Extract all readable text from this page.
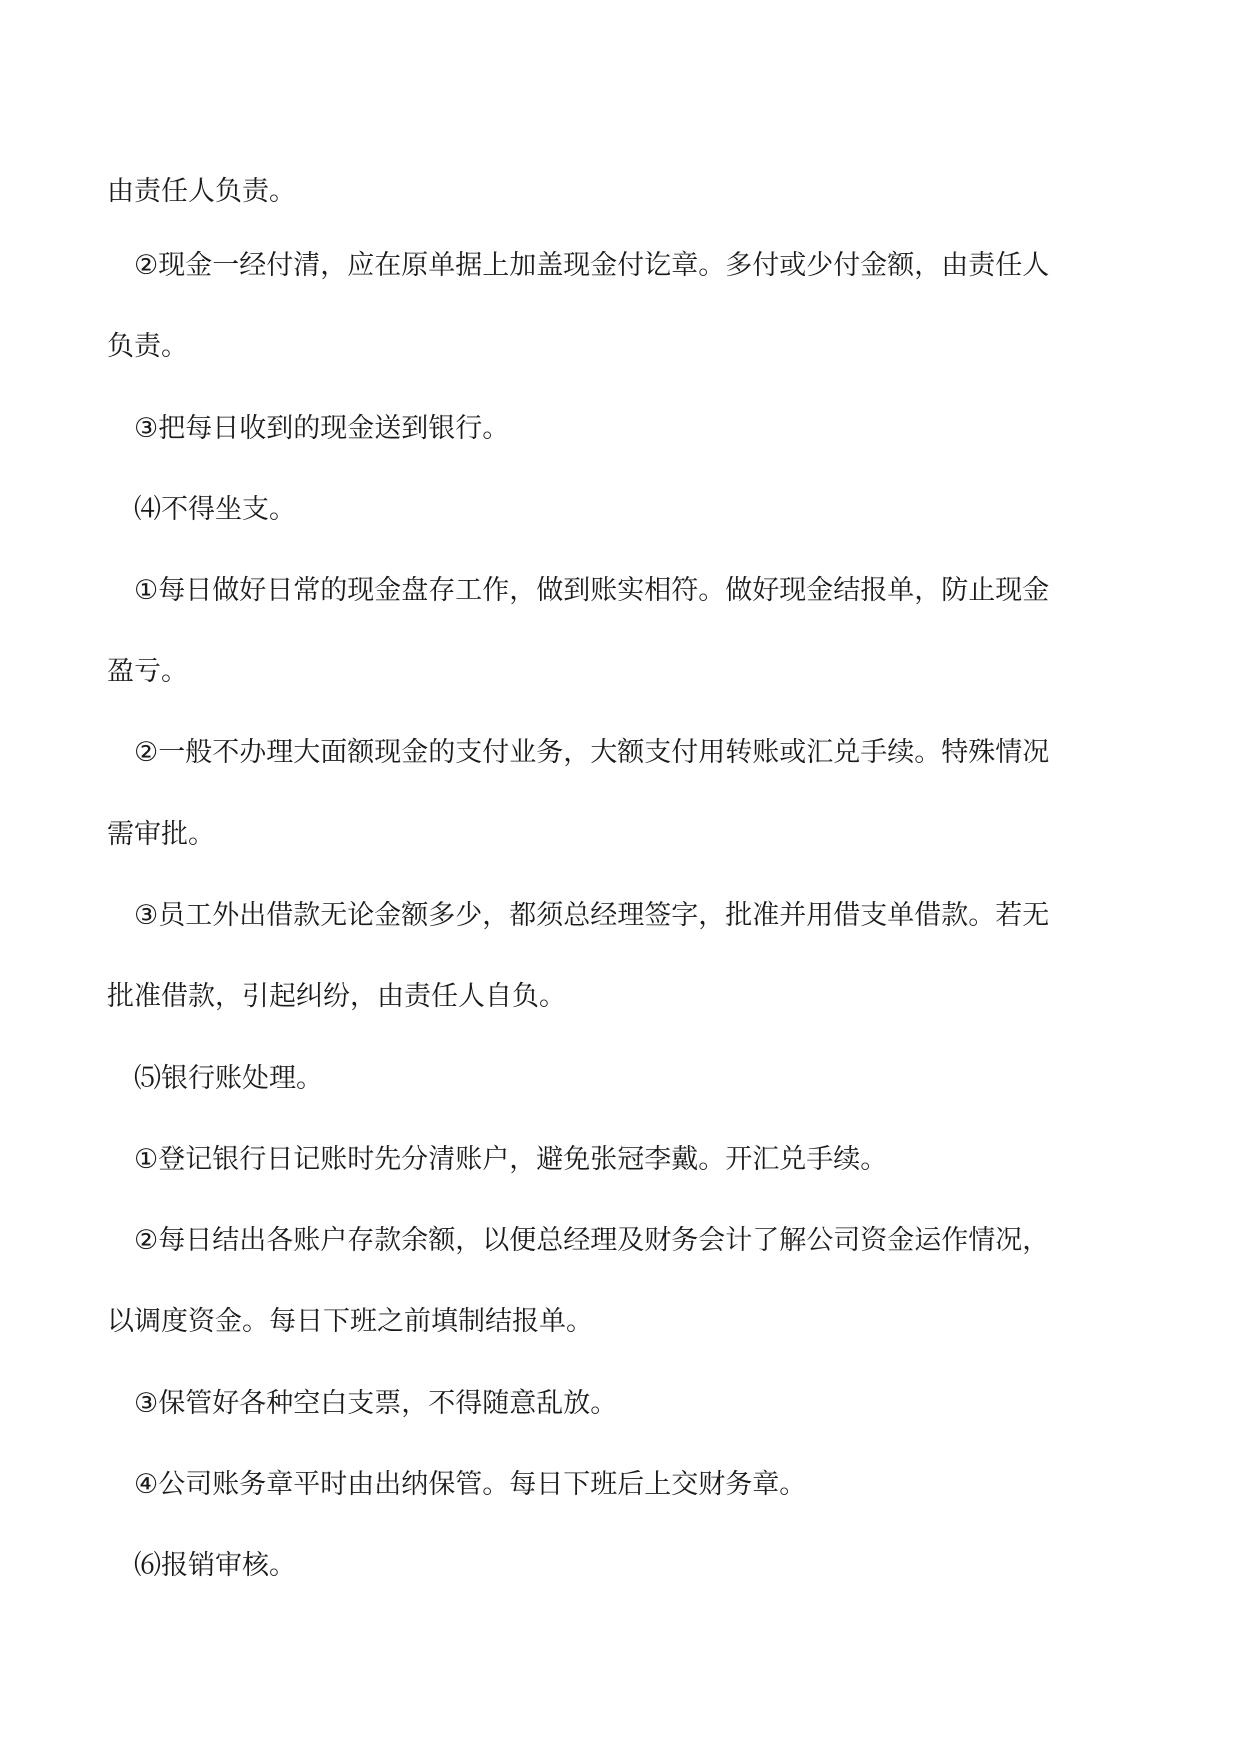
由责任人负责。

②现金一经付清，应在原单据上加盖现金付讫章。多付或少付金额，由责任人

负责。

③把每日收到的现金送到银行。

⑷不得坐支。

①每日做好日常的现金盘存工作，做到账实相符。做好现金结报单，防止现金

盈亏。

②一般不办理大面额现金的支付业务，大额支付用转账或汇兑手续。特殊情况

需审批。

③员工外出借款无论金额多少，都须总经理签字，批准并用借支单借款。若无

批准借款，引起纠纷，由责任人自负。

⑸银行账处理。

①登记银行日记账时先分清账户，避免张冠李戴。开汇兑手续。

②每日结出各账户存款余额，以便总经理及财务会计了解公司资金运作情况，

以调度资金。每日下班之前填制结报单。

③保管好各种空白支票，不得随意乱放。

④公司账务章平时由出纳保管。每日下班后上交财务章。

⑹报销审核。
